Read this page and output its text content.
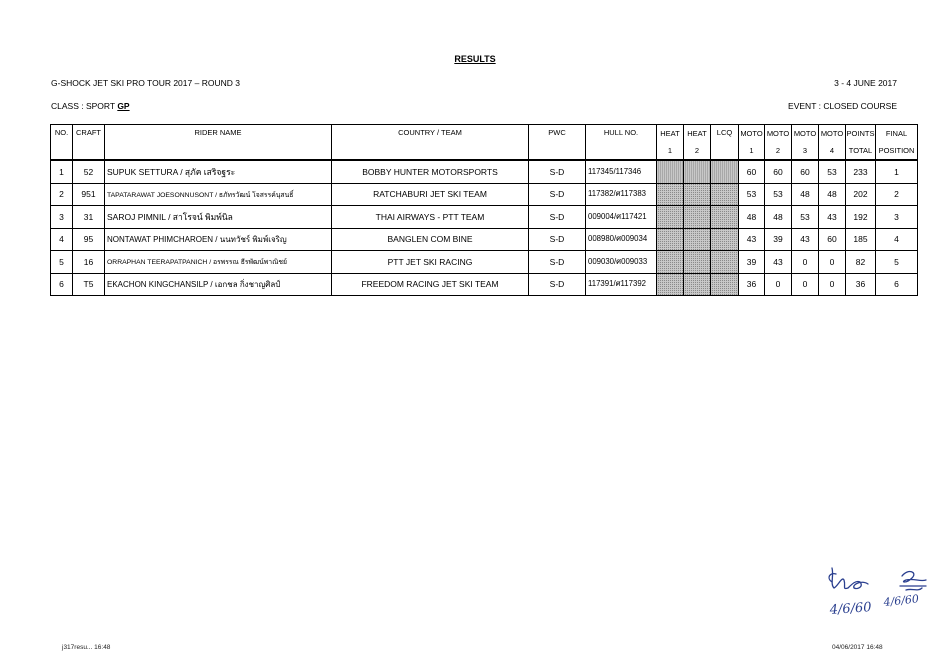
RESULTS
G-SHOCK JET SKI PRO TOUR 2017 – ROUND 3	3 - 4 JUNE 2017
CLASS : SPORT GP	EVENT : CLOSED COURSE
NO.	CRAFT	RIDER NAME	COUNTRY / TEAM	PWC	HULL NO.	HEAT	HEAT	LCQ	MOTO	MOTO	MOTO	MOTO	POINTS	FINAL
						1	2		1	2	3	4	TOTAL	POSITION
1	52	SUPUK SETTURA / สุภัค เสริจฐระ	BOBBY HUNTER MOTORSPORTS	S-D	117345/117346				60	60	60	53	233	1
2	951	TAPATARAWAT JOESONNUSONT / ธภัทรวัฒน์ โจสรรค์นุสนธิ์	RATCHABURI JET SKI TEAM	S-D	117382/ศ117383				53	53	48	48	202	2
3	31	SAROJ PIMNIL / สาโรจน์ พิมพ์นิล	THAI AIRWAYS - PTT TEAM	S-D	009004/ศ117421				48	48	53	43	192	3
4	95	NONTAWAT PHIMCHAROEN / นนทวัชร์ พิมพ์เจริญ	BANGLEN COM BINE	S-D	008980/ศ009034				43	39	43	60	185	4
5	16	ORRAPHAN TEERAPATPANICH / อรพรรณ ธีรพัฒน์พาณิชย์	PTT JET SKI RACING	S-D	009030/ศ009033				39	43	0	0	82	5
6	T5	EKACHON KINGCHANSILP / เอกชล กิ่งชาญศิลป์	FREEDOM RACING JET SKI TEAM	S-D	117391/ศ117392				36	0	0	0	36	6
4/6/60 4/6/60
j317resu... 16:48	04/06/2017 16:48
